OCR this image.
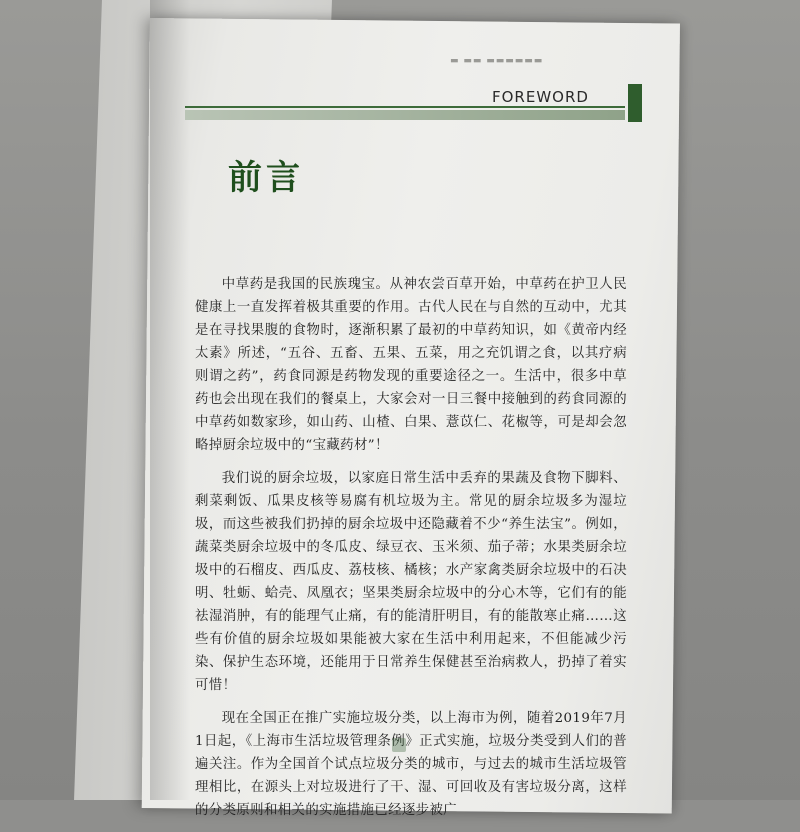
▬ ▬▬ ▬▬▬▬▬▬
FOREWORD
前言

中草药是我国的民族瑰宝。从神农尝百草开始，中草药在护卫人民健康上一直发挥着极其重要的作用。古代人民在与自然的互动中，尤其是在寻找果腹的食物时，逐渐积累了最初的中草药知识，如《黄帝内经太素》所述，“五谷、五畜、五果、五菜，用之充饥谓之食，以其疗病则谓之药”，药食同源是药物发现的重要途径之一。生活中，很多中草药也会出现在我们的餐桌上，大家会对一日三餐中接触到的药食同源的中草药如数家珍，如山药、山楂、白果、薏苡仁、花椒等，可是却会忽略掉厨余垃圾中的“宝藏药材”！

我们说的厨余垃圾，以家庭日常生活中丢弃的果蔬及食物下脚料、剩菜剩饭、瓜果皮核等易腐有机垃圾为主。常见的厨余垃圾多为湿垃圾，而这些被我们扔掉的厨余垃圾中还隐藏着不少“养生法宝”。例如，蔬菜类厨余垃圾中的冬瓜皮、绿豆衣、玉米须、茄子蒂；水果类厨余垃圾中的石榴皮、西瓜皮、荔枝核、橘核；水产家禽类厨余垃圾中的石决明、牡蛎、蛤壳、凤凰衣；坚果类厨余垃圾中的分心木等，它们有的能祛湿消肿，有的能理气止痛，有的能清肝明目，有的能散寒止痛……这些有价值的厨余垃圾如果能被大家在生活中利用起来，不但能减少污染、保护生态环境，还能用于日常养生保健甚至治病救人，扔掉了着实可惜！

现在全国正在推广实施垃圾分类，以上海市为例，随着2019年7月1日起，《上海市生活垃圾管理条例》正式实施，垃圾分类受到人们的普遍关注。作为全国首个试点垃圾分类的城市，与过去的城市生活垃圾管理相比，在源头上对垃圾进行了干、湿、可回收及有害垃圾分离，这样的分类原则和相关的实施措施已经逐步被广
